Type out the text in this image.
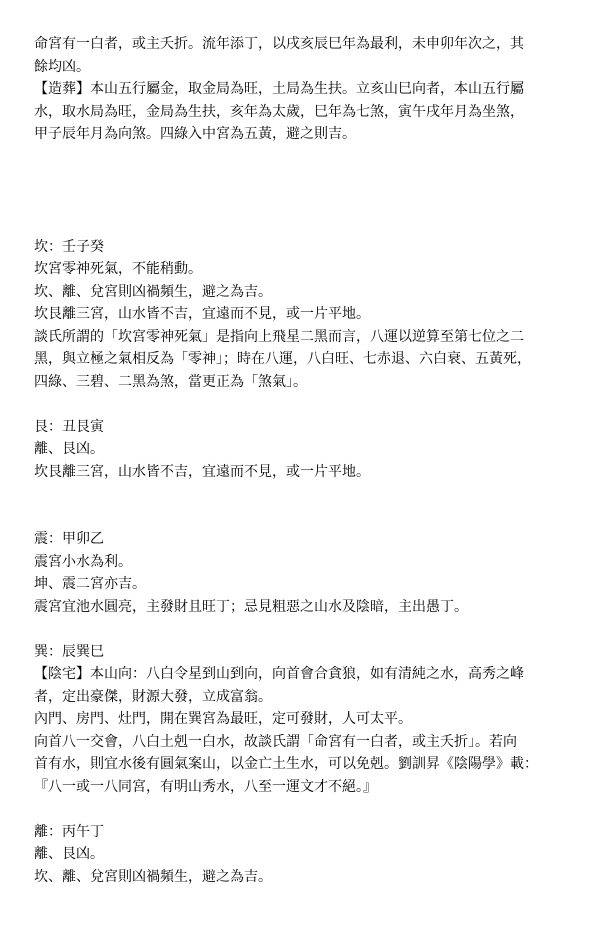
命宮有一白者，或主夭折。流年添丁，以戌亥辰巳年為最利，未申卯年次之，其
餘均凶。
【造葬】本山五行屬金，取金局為旺，土局為生扶。立亥山巳向者，本山五行屬
水，取水局為旺，金局為生扶，亥年為太歲，巳年為七煞，寅午戌年月為坐煞，
甲子辰年月為向煞。四綠入中宮為五黃，避之則吉。
坎：壬子癸
坎宮零神死氣，不能稍動。
坎、離、兌宮則凶禍頻生，避之為吉。
坎艮離三宮，山水皆不吉，宜遠而不見，或一片平地。
談氏所謂的「坎宮零神死氣」是指向上飛星二黑而言，八運以逆算至第七位之二
黑，與立極之氣相反為「零神」；時在八運，八白旺、七赤退、六白衰、五黃死，
四綠、三碧、二黑為煞，當更正為「煞氣」。
艮：丑艮寅
離、艮凶。
坎艮離三宮，山水皆不吉，宜遠而不見，或一片平地。
震：甲卯乙
震宮小水為利。
坤、震二宮亦吉。
震宮宜池水圓亮，主發財且旺丁；忌見粗惡之山水及陰暗，主出愚丁。
巽：辰巽巳
【陰宅】本山向：八白令星到山到向，向首會合貪狼，如有清純之水，高秀之峰
者，定出豪傑，財源大發，立成富翁。
內門、房門、灶門，開在巽宮為最旺，定可發財，人可太平。
向首八一交會，八白土剋一白水，故談氏謂「命宮有一白者，或主夭折」。若向
首有水，則宜水後有圓氣案山，以金亡土生水，可以免剋。劉訓昇《陰陽學》載：
『八一或一八同宮，有明山秀水，八至一運文才不絕。』
離：丙午丁
離、艮凶。
坎、離、兌宮則凶禍頻生，避之為吉。
